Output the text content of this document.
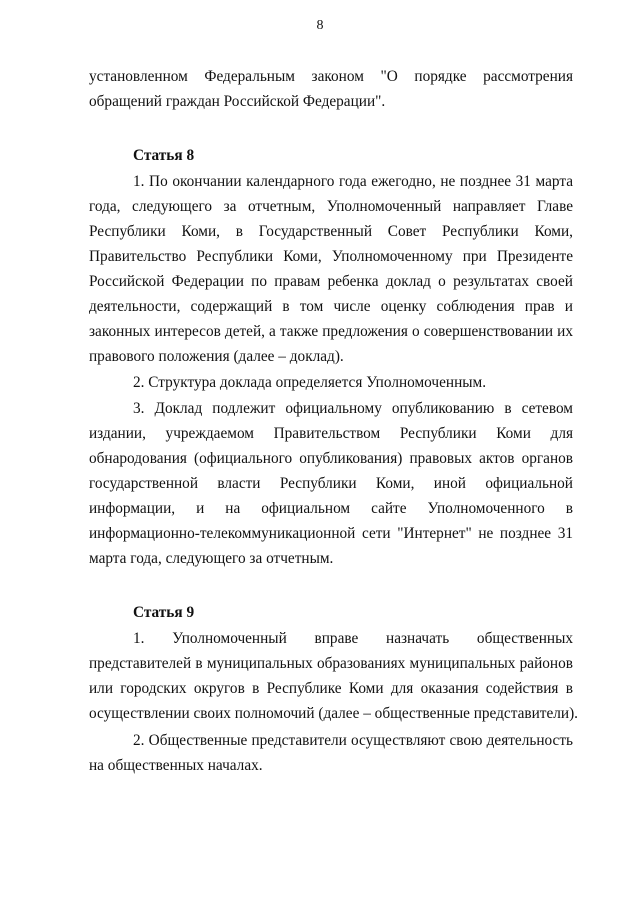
8
установленном Федеральным законом "О порядке рассмотрения
обращений граждан Российской Федерации".
Статья 8
1. По окончании календарного года ежегодно, не позднее 31 марта
года, следующего за отчетным, Уполномоченный направляет Главе
Республики Коми, в Государственный Совет Республики Коми,
Правительство Республики Коми, Уполномоченному при Президенте
Российской Федерации по правам ребенка доклад о результатах своей
деятельности, содержащий в том числе оценку соблюдения прав и
законных интересов детей, а также предложения о совершенствовании их
правового положения (далее – доклад).
2. Структура доклада определяется Уполномоченным.
3. Доклад подлежит официальному опубликованию в сетевом
издании, учреждаемом Правительством Республики Коми для
обнародования (официального опубликования) правовых актов органов
государственной власти Республики Коми, иной официальной
информации, и на официальном сайте Уполномоченного в
информационно-телекоммуникационной сети "Интернет" не позднее 31
марта года, следующего за отчетным.
Статья 9
1. Уполномоченный вправе назначать общественных
представителей в муниципальных образованиях муниципальных районов
или городских округов в Республике Коми для оказания содействия в
осуществлении своих полномочий (далее – общественные представители).
2. Общественные представители осуществляют свою деятельность
на общественных началах.
